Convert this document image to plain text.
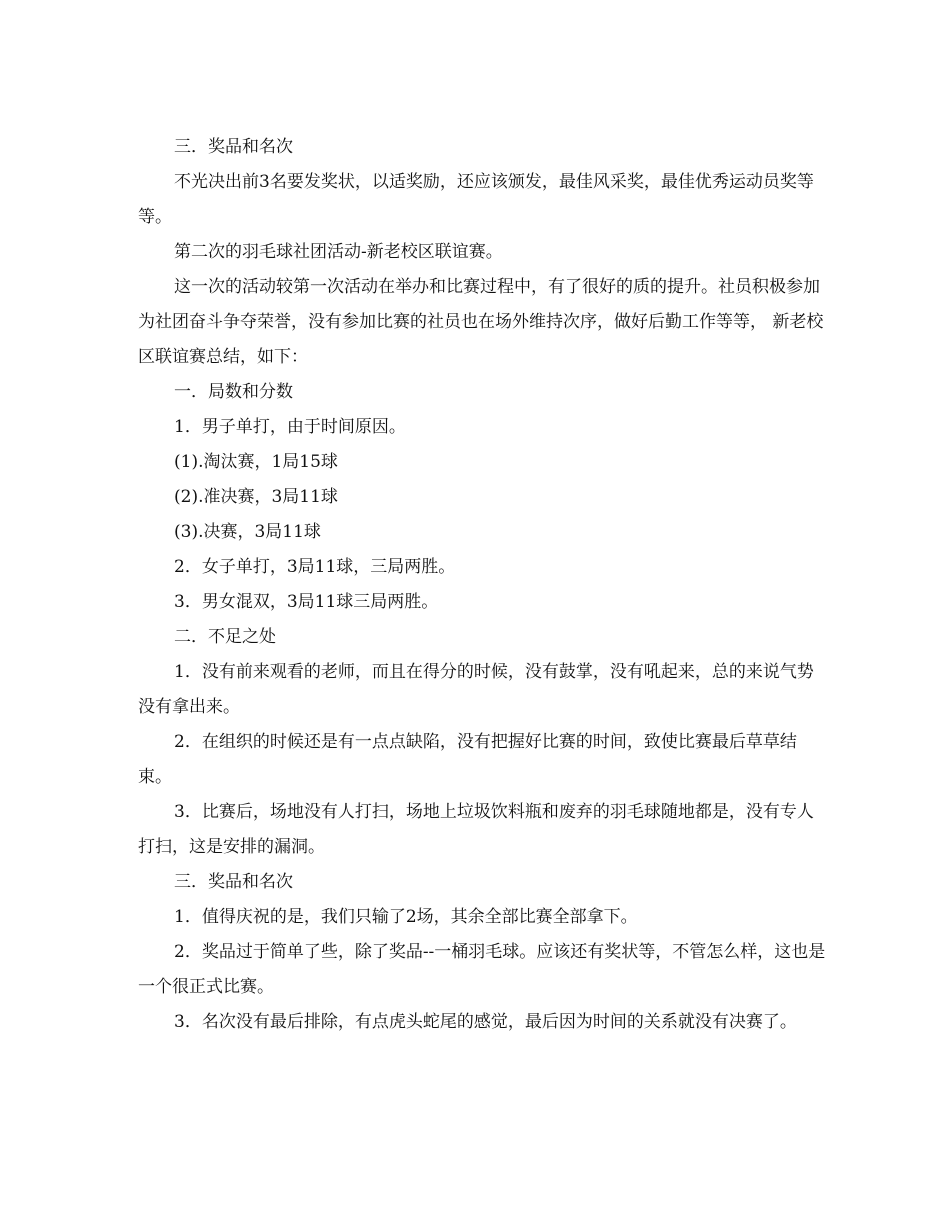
三．奖品和名次

不光决出前3名要发奖状，以适奖励，还应该颁发，最佳风采奖，最佳优秀运动员奖等等。

第二次的羽毛球社团活动-新老校区联谊赛。

这一次的活动较第一次活动在举办和比赛过程中，有了很好的质的提升。社员积极参加为社团奋斗争夺荣誉，没有参加比赛的社员也在场外维持次序，做好后勤工作等等， 新老校区联谊赛总结，如下：

一．局数和分数

1．男子单打，由于时间原因。

(1).淘汰赛，1局15球

(2).准决赛，3局11球

(3).决赛，3局11球

2．女子单打，3局11球，三局两胜。

3．男女混双，3局11球三局两胜。

二．不足之处

1．没有前来观看的老师，而且在得分的时候，没有鼓掌，没有吼起来，总的来说气势没有拿出来。

2．在组织的时候还是有一点点缺陷，没有把握好比赛的时间，致使比赛最后草草结束。

3．比赛后，场地没有人打扫，场地上垃圾饮料瓶和废弃的羽毛球随地都是，没有专人打扫，这是安排的漏洞。

三．奖品和名次

1．值得庆祝的是，我们只输了2场，其余全部比赛全部拿下。

2．奖品过于简单了些，除了奖品--一桶羽毛球。应该还有奖状等，不管怎么样，这也是一个很正式比赛。

3．名次没有最后排除，有点虎头蛇尾的感觉，最后因为时间的关系就没有决赛了。
